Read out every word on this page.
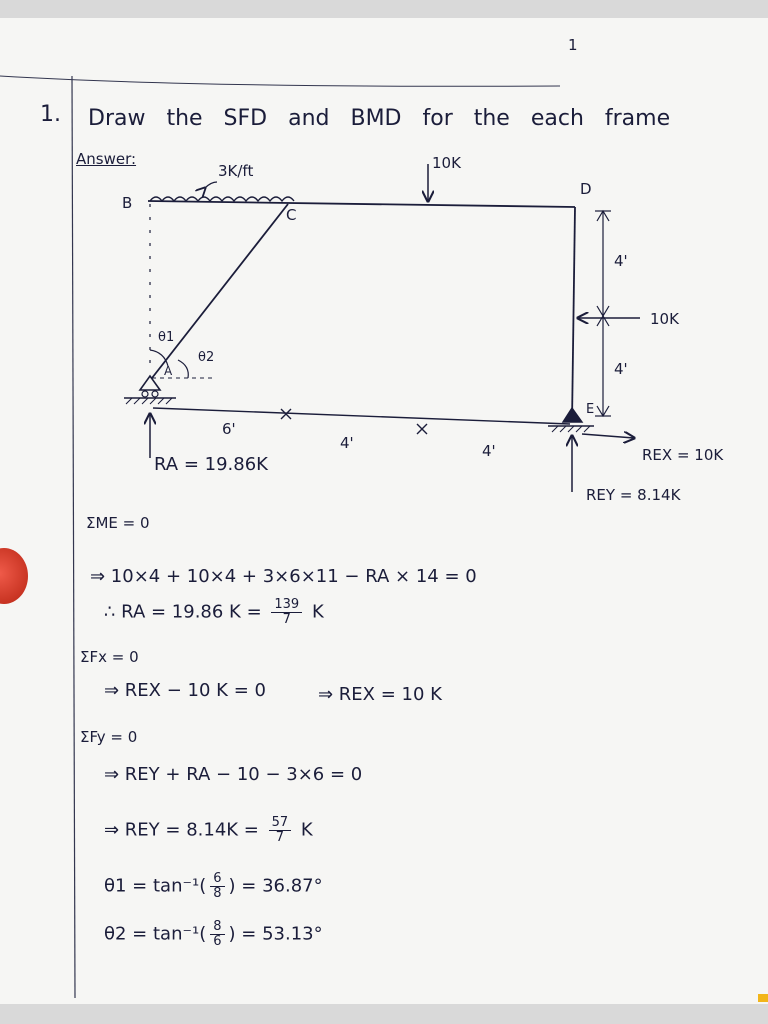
1
1. Draw the SFD and BMD for the each frame
Answer:
3K/ft	10K
B
C
D
A
E
θ1
θ2
4'
4'
10K
6'
4'	4'
RA = 19.86K	REX = 10K
REY = 8.14K
ΣME = 0
⇒ 10×4 + 10×4 + 3×6×11 − RA × 14 = 0
∴ RA = 19.86 $K = \frac{139}{7}$ K
ΣFx = 0
⇒ REX − 10 K = 0	⇒ REX = 10 K
ΣFy = 0
⇒ REY + RA − 10 − 3×6 = 0
⇒ REY = $8.14K = \frac{57}{7}$ K
$\theta 1 = \tan^{-1}( \frac{6}{8}$ ) = 36.87°
$\theta 2 = \tan^{-1}( \frac{8}{6}$ ) = 53.13°
